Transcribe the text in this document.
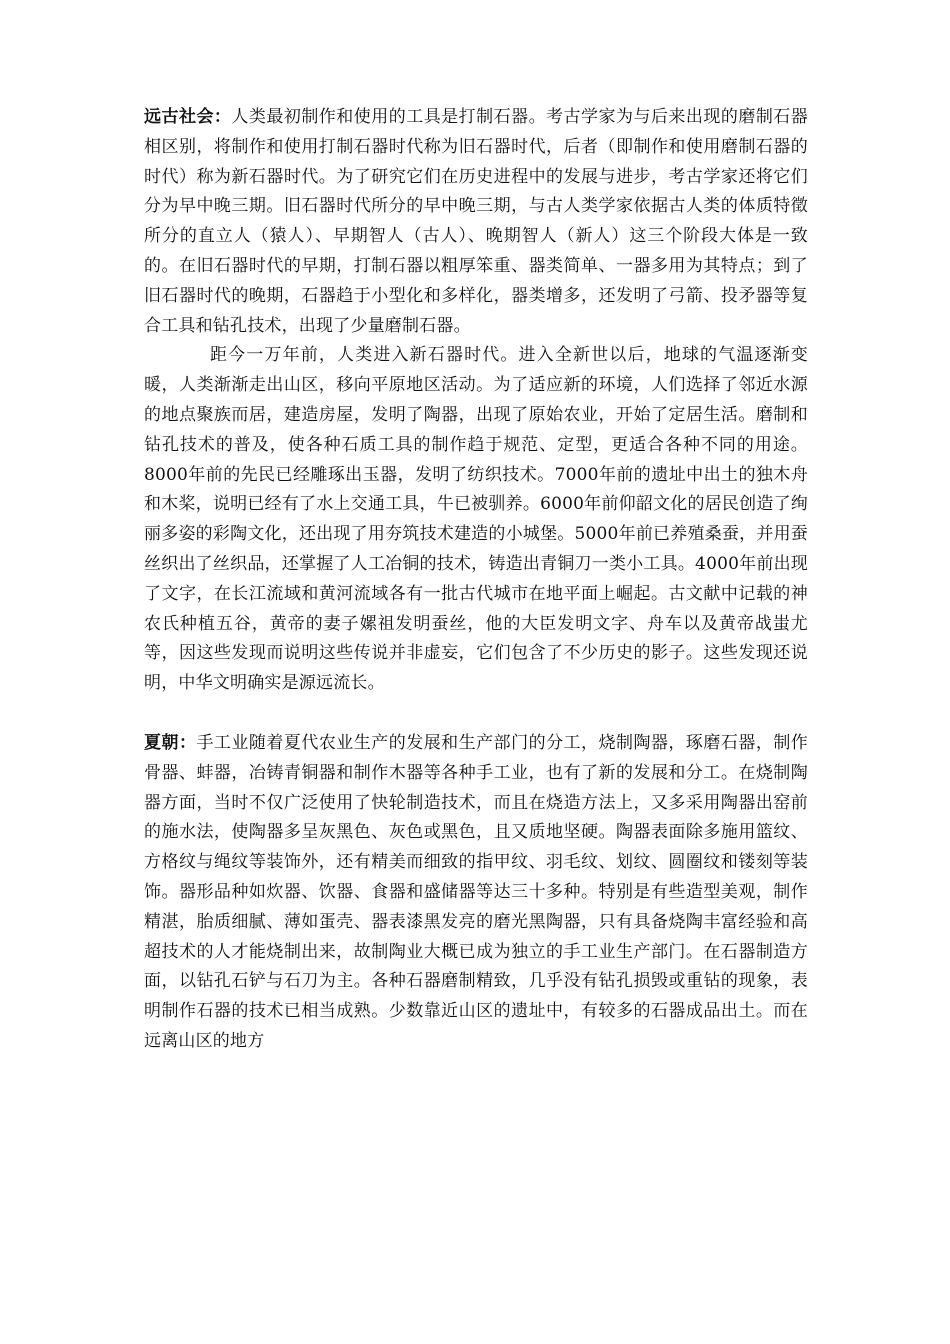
远古社会：人类最初制作和使用的工具是打制石器。考古学家为与后来出现的磨制石器相区别，将制作和使用打制石器时代称为旧石器时代，后者（即制作和使用磨制石器的时代）称为新石器时代。为了研究它们在历史进程中的发展与进步，考古学家还将它们分为早中晚三期。旧石器时代所分的早中晚三期，与古人类学家依据古人类的体质特徵所分的直立人（猿人）、早期智人（古人）、晚期智人（新人）这三个阶段大体是一致的。在旧石器时代的早期，打制石器以粗厚笨重、器类简单、一器多用为其特点；到了旧石器时代的晚期，石器趋于小型化和多样化，器类增多，还发明了弓箭、投矛器等复合工具和钻孔技术，出现了少量磨制石器。

距今一万年前，人类进入新石器时代。进入全新世以后，地球的气温逐渐变暖，人类渐渐走出山区，移向平原地区活动。为了适应新的环境，人们选择了邻近水源的地点聚族而居，建造房屋，发明了陶器，出现了原始农业，开始了定居生活。磨制和钻孔技术的普及，使各种石质工具的制作趋于规范、定型，更适合各种不同的用途。8000年前的先民已经雕琢出玉器，发明了纺织技术。7000年前的遗址中出土的独木舟和木桨，说明已经有了水上交通工具，牛已被驯养。6000年前仰韶文化的居民创造了绚丽多姿的彩陶文化，还出现了用夯筑技术建造的小城堡。5000年前已养殖桑蚕，并用蚕丝织出了丝织品，还掌握了人工冶铜的技术，铸造出青铜刀一类小工具。4000年前出现了文字，在长江流域和黄河流域各有一批古代城市在地平面上崛起。古文献中记载的神农氏种植五谷，黄帝的妻子嫘祖发明蚕丝，他的大臣发明文字、舟车以及黄帝战蚩尤等，因这些发现而说明这些传说并非虚妄，它们包含了不少历史的影子。这些发现还说明，中华文明确实是源远流长。

夏朝：手工业随着夏代农业生产的发展和生产部门的分工，烧制陶器，琢磨石器，制作骨器、蚌器，冶铸青铜器和制作木器等各种手工业，也有了新的发展和分工。在烧制陶器方面，当时不仅广泛使用了快轮制造技术，而且在烧造方法上，又多采用陶器出窑前的施水法，使陶器多呈灰黑色、灰色或黑色，且又质地坚硬。陶器表面除多施用篮纹、方格纹与绳纹等装饰外，还有精美而细致的指甲纹、羽毛纹、划纹、圆圈纹和镂刻等装饰。器形品种如炊器、饮器、食器和盛储器等达三十多种。特别是有些造型美观，制作精湛，胎质细腻、薄如蛋壳、器表漆黑发亮的磨光黑陶器，只有具备烧陶丰富经验和高超技术的人才能烧制出来，故制陶业大概已成为独立的手工业生产部门。在石器制造方面，以钻孔石铲与石刀为主。各种石器磨制精致，几乎没有钻孔损毁或重钻的现象，表明制作石器的技术已相当成熟。少数靠近山区的遗址中，有较多的石器成品出土。而在远离山区的地方
